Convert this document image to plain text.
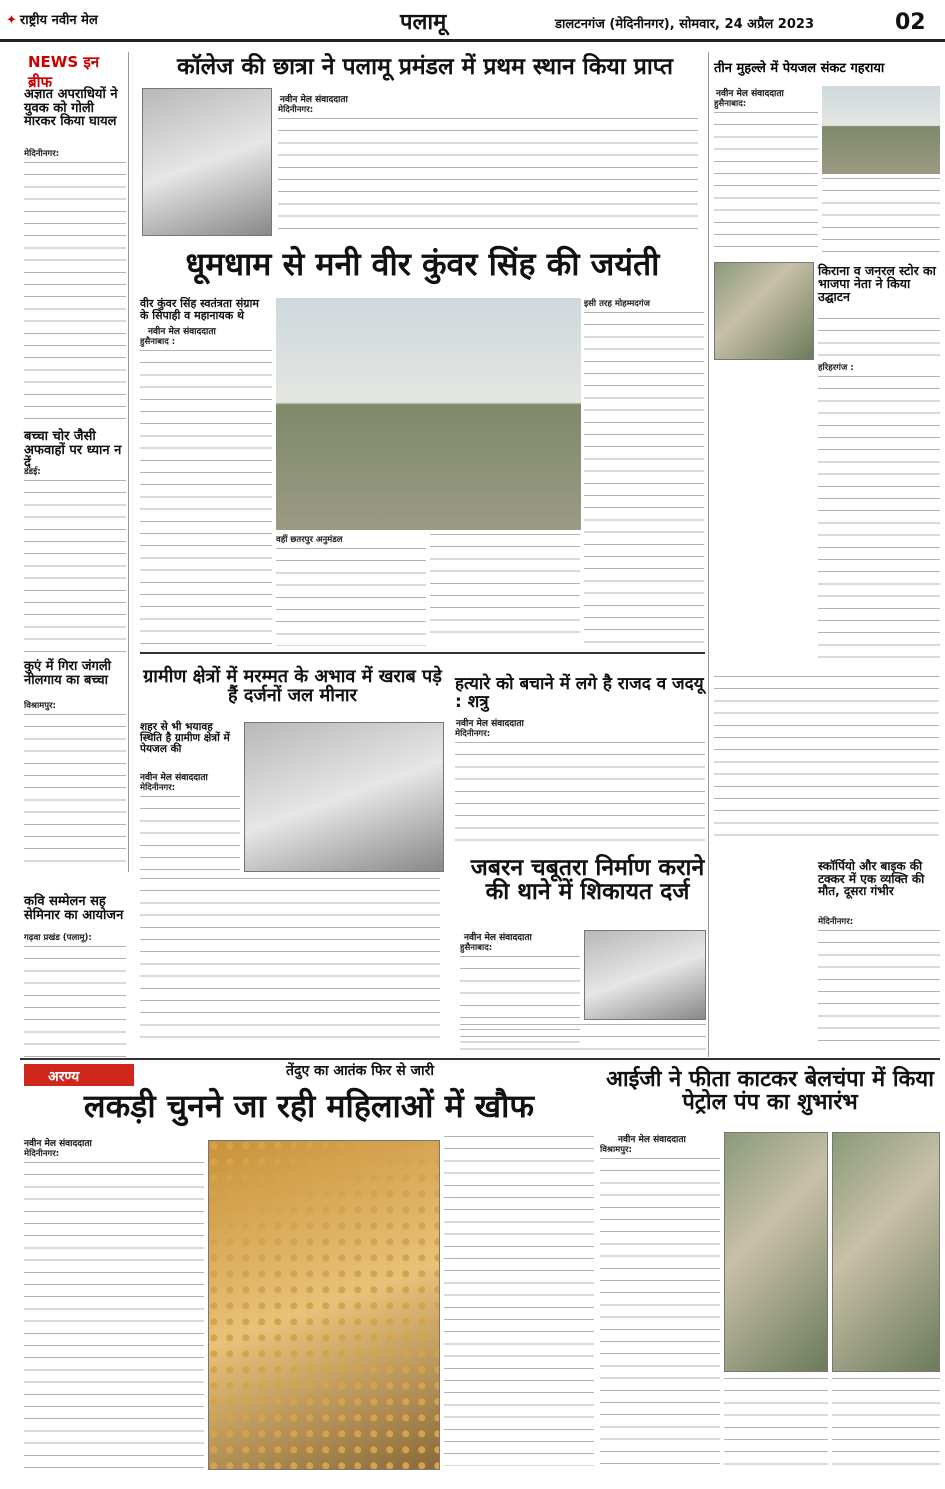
✦ राष्ट्रीय नवीन मेल	पलामू	डालटनगंज (मेदिनीनगर), सोमवार, 24 अप्रैल 2023	02
NEWS इन ब्रीफ
अज्ञात अपराधियों ने युवक को गोली मारकर किया घायल
मेदिनीनगर:
बच्चा चोर जैसी अफवाहों पर ध्यान न दें
डंडई:
कुएं में गिरा जंगली नीलगाय का बच्चा
विश्रामपुर:
कवि सम्मेलन सह सेमिनार का आयोजन
गढ़वा प्रखंड (पलामू):
कॉलेज की छात्रा ने पलामू प्रमंडल में प्रथम स्थान किया प्राप्त
नवीन मेल संवाददाता
मेदिनीनगर:
तीन मुहल्ले में पेयजल संकट गहराया
नवीन मेल संवाददाता
हुसैनाबाद:
किराना व जनरल स्टोर का भाजपा नेता ने किया उद्घाटन
हरिहरगंज :
धूमधाम से मनी वीर कुंवर सिंह की जयंती
वीर कुंवर सिंह स्वतंत्रता संग्राम के सिपाही व महानायक थे
नवीन मेल संवाददाता
हुसैनाबाद :
वहीं छतरपुर अनुमंडल
इसी तरह मोहम्मदगंज
ग्रामीण क्षेत्रों में मरम्मत के अभाव में खराब पड़े हैं दर्जनों जल मीनार
शहर से भी भयावह स्थिति है ग्रामीण क्षेत्रों में पेयजल की
नवीन मेल संवाददाता
मेदिनीनगर:
हत्यारे को बचाने में लगे है राजद व जदयू : शत्रु
नवीन मेल संवाददाता
मेदिनीनगर:
जबरन चबूतरा निर्माण कराने की थाने में शिकायत दर्ज
नवीन मेल संवाददाता
हुसैनाबाद:
स्कॉर्पियो और बाइक की टक्कर में एक व्यक्ति की मौत, दूसरा गंभीर
मेदिनीनगर:
अरण्य	तेंदुए का आतंक फिर से जारी
लकड़ी चुनने जा रही महिलाओं में खौफ
नवीन मेल संवाददाता
मेदिनीनगर:
आईजी ने फीता काटकर बेलचंपा में किया पेट्रोल पंप का शुभारंभ
नवीन मेल संवाददाता
विश्रामपुर:
